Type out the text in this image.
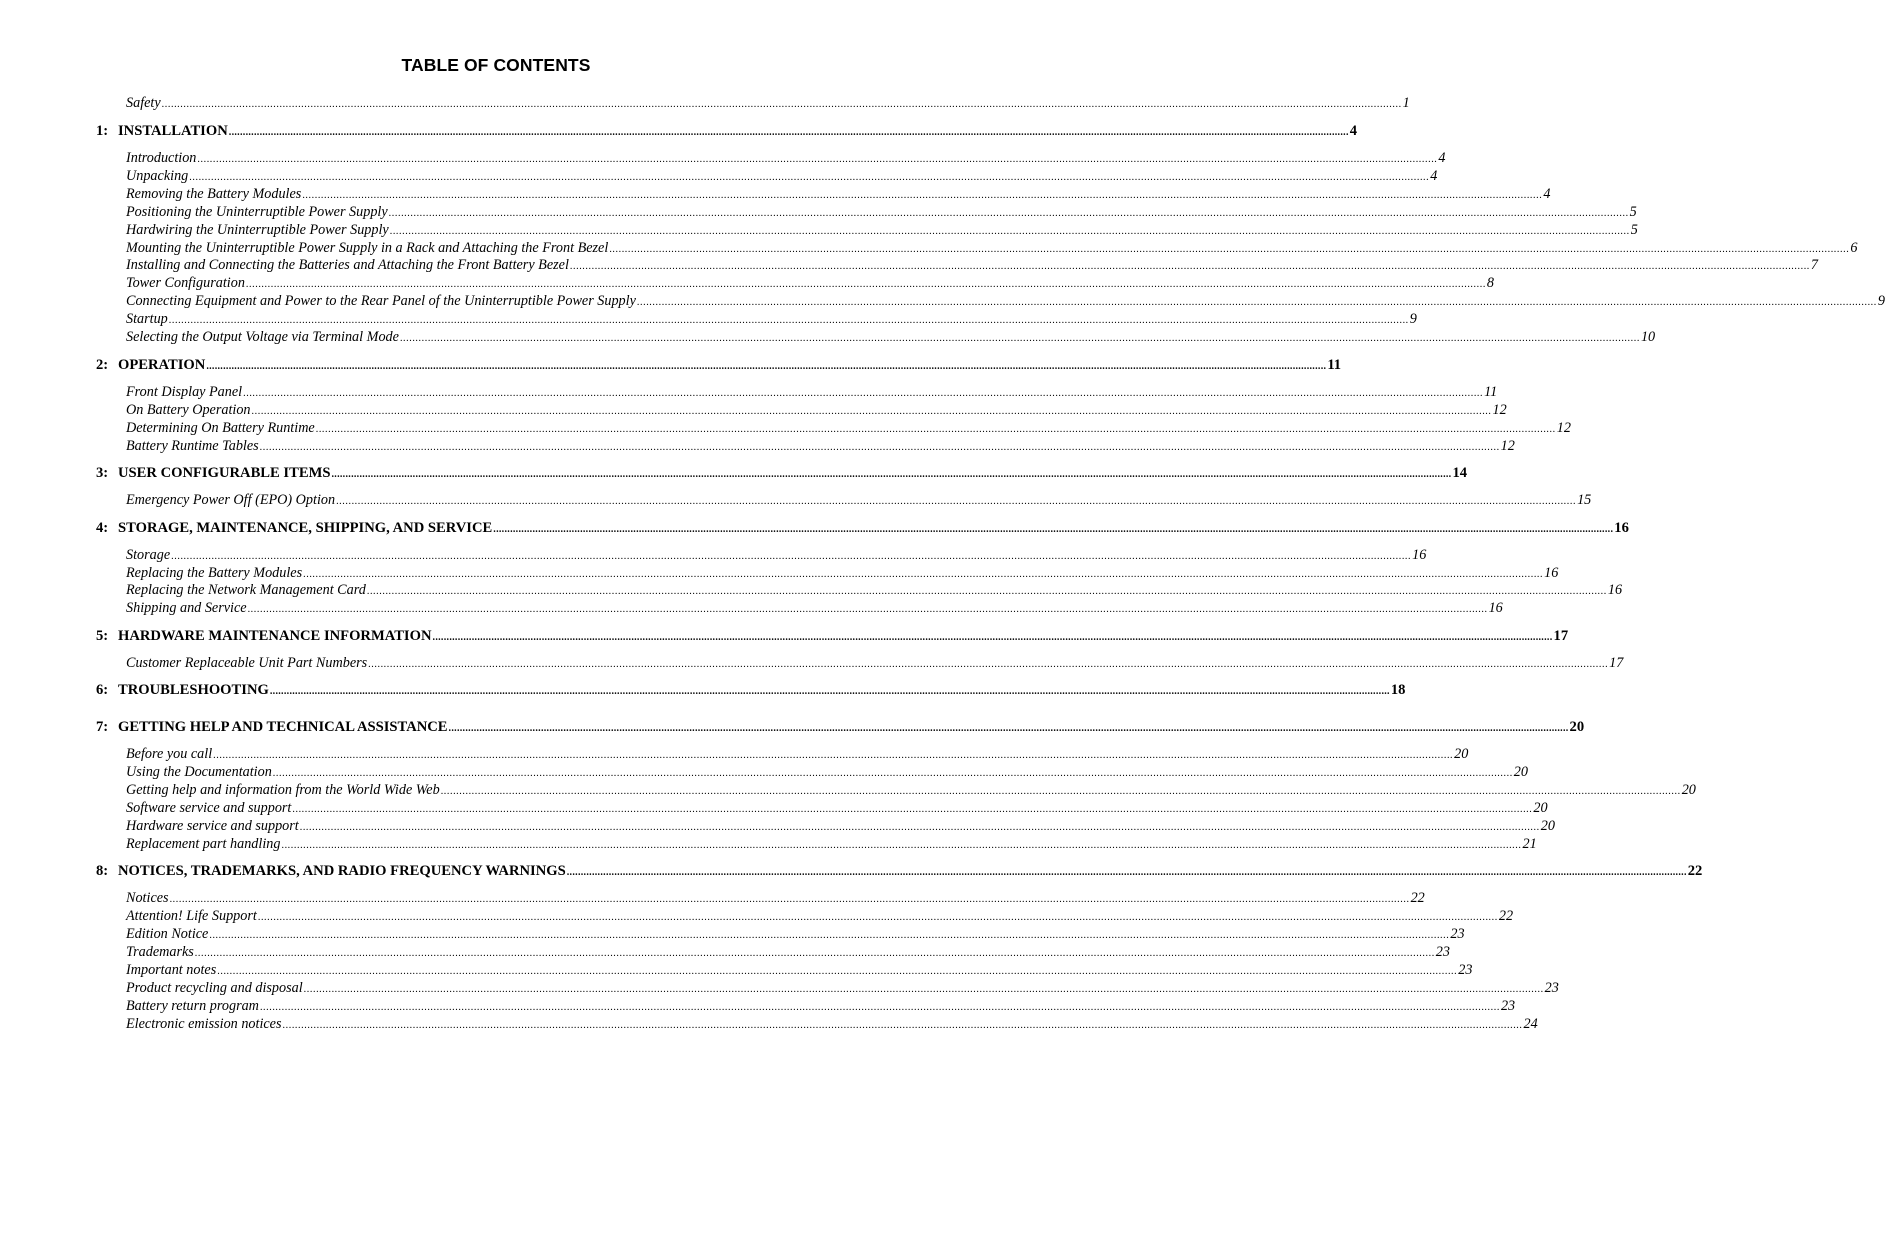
TABLE OF CONTENTS
Safety ................................................................................................................................................................................................................................................................................................................................................................................................................ 1
1: INSTALLATION ................................................................................................................................................................................................................................................................................................................................................................................................................ 4
Introduction ................................................................................................................................................................................................................................................................................................................................................................................................................ 4
Unpacking ................................................................................................................................................................................................................................................................................................................................................................................................................ 4
Removing the Battery Modules ................................................................................................................................................................................................................................................................................................................................................................................................................ 4
Positioning the Uninterruptible Power Supply ................................................................................................................................................................................................................................................................................................................................................................................................................ 5
Hardwiring the Uninterruptible Power Supply ................................................................................................................................................................................................................................................................................................................................................................................................................ 5
Mounting the Uninterruptible Power Supply in a Rack and Attaching the Front Bezel ................................................................................................................................................................................................................................................................................................................................................................................................................ 6
Installing and Connecting the Batteries and Attaching the Front Battery Bezel ................................................................................................................................................................................................................................................................................................................................................................................................................ 7
Tower Configuration ................................................................................................................................................................................................................................................................................................................................................................................................................ 8
Connecting Equipment and Power to the Rear Panel of the Uninterruptible Power Supply ................................................................................................................................................................................................................................................................................................................................................................................................................ 9
Startup ................................................................................................................................................................................................................................................................................................................................................................................................................ 9
Selecting the Output Voltage via Terminal Mode ................................................................................................................................................................................................................................................................................................................................................................................................................ 10
2: OPERATION ................................................................................................................................................................................................................................................................................................................................................................................................................ 11
Front Display Panel ................................................................................................................................................................................................................................................................................................................................................................................................................ 11
On Battery Operation ................................................................................................................................................................................................................................................................................................................................................................................................................ 12
Determining On Battery Runtime ................................................................................................................................................................................................................................................................................................................................................................................................................ 12
Battery Runtime Tables ................................................................................................................................................................................................................................................................................................................................................................................................................ 12
3: USER CONFIGURABLE ITEMS ................................................................................................................................................................................................................................................................................................................................................................................................................ 14
Emergency Power Off (EPO) Option ................................................................................................................................................................................................................................................................................................................................................................................................................ 15
4: STORAGE, MAINTENANCE, SHIPPING, AND SERVICE ................................................................................................................................................................................................................................................................................................................................................................................................................ 16
Storage ................................................................................................................................................................................................................................................................................................................................................................................................................ 16
Replacing the Battery Modules ................................................................................................................................................................................................................................................................................................................................................................................................................ 16
Replacing the Network Management Card ................................................................................................................................................................................................................................................................................................................................................................................................................ 16
Shipping and Service ................................................................................................................................................................................................................................................................................................................................................................................................................ 16
5: HARDWARE MAINTENANCE INFORMATION ................................................................................................................................................................................................................................................................................................................................................................................................................ 17
Customer Replaceable Unit Part Numbers ................................................................................................................................................................................................................................................................................................................................................................................................................ 17
6: TROUBLESHOOTING ................................................................................................................................................................................................................................................................................................................................................................................................................ 18
7: GETTING HELP AND TECHNICAL ASSISTANCE ................................................................................................................................................................................................................................................................................................................................................................................................................ 20
Before you call ................................................................................................................................................................................................................................................................................................................................................................................................................ 20
Using the Documentation ................................................................................................................................................................................................................................................................................................................................................................................................................ 20
Getting help and information from the World Wide Web ................................................................................................................................................................................................................................................................................................................................................................................................................ 20
Software service and support ................................................................................................................................................................................................................................................................................................................................................................................................................ 20
Hardware service and support ................................................................................................................................................................................................................................................................................................................................................................................................................ 20
Replacement part handling ................................................................................................................................................................................................................................................................................................................................................................................................................ 21
8: NOTICES, TRADEMARKS, AND RADIO FREQUENCY WARNINGS ................................................................................................................................................................................................................................................................................................................................................................................................................ 22
Notices ................................................................................................................................................................................................................................................................................................................................................................................................................ 22
Attention! Life Support ................................................................................................................................................................................................................................................................................................................................................................................................................ 22
Edition Notice ................................................................................................................................................................................................................................................................................................................................................................................................................ 23
Trademarks ................................................................................................................................................................................................................................................................................................................................................................................................................ 23
Important notes ................................................................................................................................................................................................................................................................................................................................................................................................................ 23
Product recycling and disposal ................................................................................................................................................................................................................................................................................................................................................................................................................ 23
Battery return program ................................................................................................................................................................................................................................................................................................................................................................................................................ 23
Electronic emission notices ................................................................................................................................................................................................................................................................................................................................................................................................................ 24
